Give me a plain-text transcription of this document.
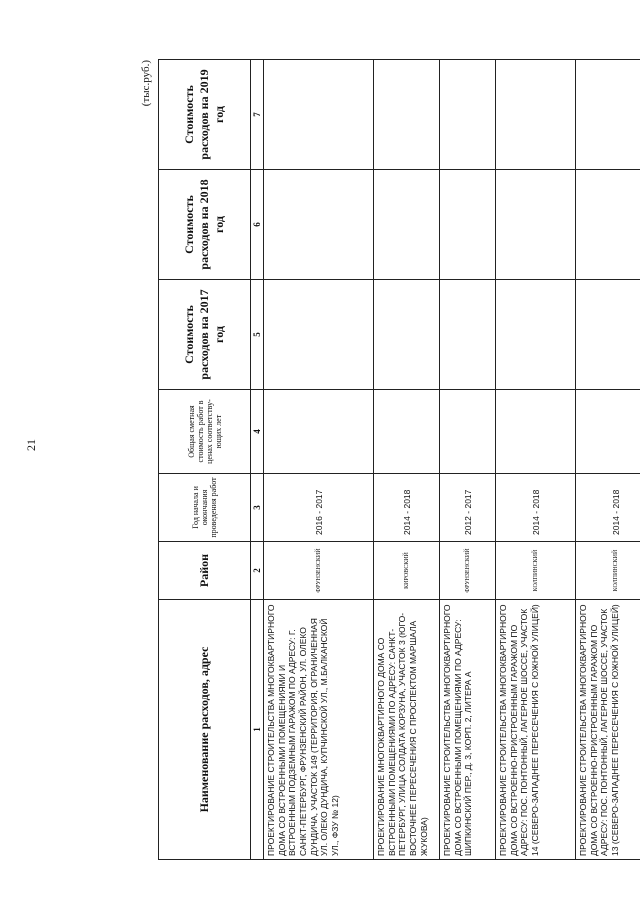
21
(тыс.руб.)
Наименование расходов, адрес	Район	Год начала и окончания проведения работ	Общая сметная стоимость работ в ценах соответству-ющих лет	Стоимость расходов на 2017 год	Стоимость расходов на 2018 год	Стоимость расходов на 2019 год
1	2	3	4	5	6	7
ПРОЕКТИРОВАНИЕ СТРОИТЕЛЬСТВА МНОГОКВАРТИРНОГО ДОМА СО ВСТРОЕННЫМИ ПОМЕЩЕНИЯМИ И ВСТРОЕННЫМ ПОДЗЕМНЫМ ГАРАЖОМ ПО АДРЕСУ: Г. САНКТ-ПЕТЕРБУРГ, ФРУНЗЕНСКИЙ РАЙОН, УЛ. ОЛЕКО ДУНДИЧА, УЧАСТОК 149 (ТЕРРИТОРИЯ, ОГРАНИЧЕННАЯ УЛ. ОЛЕКО ДУНДИЧА, КУПЧИНСКОЙ УЛ., М.БАЛКАНСКОЙ УЛ., ФЗУ № 12)	ФРУНЗЕНСКИЙ	2016 - 2017				
ПРОЕКТИРОВАНИЕ МНОГОКВАРТИРНОГО ДОМА СО ВСТРОЕННЫМИ ПОМЕЩЕНИЯМИ ПО АДРЕСУ: САНКТ-ПЕТЕРБУРГ, УЛИЦА СОЛДАТА КОРЗУНА, УЧАСТОК 3 (ЮГО-ВОСТОЧНЕЕ ПЕРЕСЕЧЕНИЯ С ПРОСПЕКТОМ МАРШАЛА ЖУКОВА)	КИРОВСКИЙ	2014 - 2018				
ПРОЕКТИРОВАНИЕ СТРОИТЕЛЬСТВА МНОГОКВАРТИРНОГО ДОМА СО ВСТРОЕННЫМИ ПОМЕЩЕНИЯМИ ПО АДРЕСУ: ШИПКИНСКИЙ ПЕР., Д. 3, КОРП. 2, ЛИТЕРА А	ФРУНЗЕНСКИЙ	2012 - 2017				
ПРОЕКТИРОВАНИЕ СТРОИТЕЛЬСТВА МНОГОКВАРТИРНОГО ДОМА СО ВСТРОЕННО-ПРИСТРОЕННЫМ ГАРАЖОМ ПО АДРЕСУ: ПОС. ПОНТОННЫЙ, ЛАГЕРНОЕ ШОССЕ, УЧАСТОК 14 (СЕВЕРО-ЗАПАДНЕЕ ПЕРЕСЕЧЕНИЯ С ЮЖНОЙ УЛИЦЕЙ)	КОЛПИНСКИЙ	2014 - 2018				
ПРОЕКТИРОВАНИЕ СТРОИТЕЛЬСТВА МНОГОКВАРТИРНОГО ДОМА СО ВСТРОЕННО-ПРИСТРОЕННЫМ ГАРАЖОМ ПО АДРЕСУ: ПОС. ПОНТОННЫЙ, ЛАГЕРНОЕ ШОССЕ, УЧАСТОК 13 (СЕВЕРО-ЗАПАДНЕЕ ПЕРЕСЕЧЕНИЯ С ЮЖНОЙ УЛИЦЕЙ)	КОЛПИНСКИЙ	2014 - 2018				
